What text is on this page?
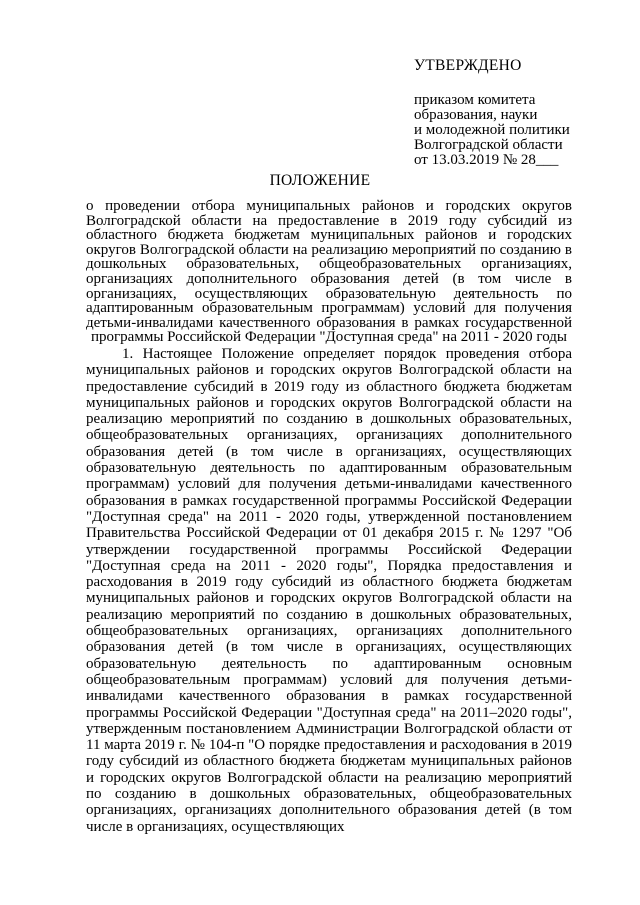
УТВЕРЖДЕНО
приказом комитета
образования, науки
и молодежной политики
Волгоградской области
от 13.03.2019 № 28___
ПОЛОЖЕНИЕ
о проведении отбора муниципальных районов и городских округов Волгоградской области на предоставление в 2019 году субсидий из областного бюджета бюджетам муниципальных районов и городских округов Волгоградской области на реализацию мероприятий по созданию в дошкольных образовательных, общеобразовательных организациях, организациях дополнительного образования детей (в том числе в организациях, осуществляющих образовательную деятельность по адаптированным образовательным программам) условий для получения детьми-инвалидами качественного образования в рамках государственной программы Российской Федерации "Доступная среда" на 2011 - 2020 годы

1. Настоящее Положение определяет порядок проведения отбора муниципальных районов и городских округов Волгоградской области на предоставление субсидий в 2019 году из областного бюджета бюджетам муниципальных районов и городских округов Волгоградской области на реализацию мероприятий по созданию в дошкольных образовательных, общеобразовательных организациях, организациях дополнительного образования детей (в том числе в организациях, осуществляющих образовательную деятельность по адаптированным образовательным программам) условий для получения детьми-инвалидами качественного образования в рамках государственной программы Российской Федерации "Доступная среда" на 2011 - 2020 годы, утвержденной постановлением Правительства Российской Федерации от 01 декабря 2015 г. № 1297 "Об утверждении государственной программы Российской Федерации "Доступная среда на 2011 - 2020 годы", Порядка предоставления и расходования в 2019 году субсидий из областного бюджета бюджетам муниципальных районов и городских округов Волгоградской области на реализацию мероприятий по созданию в дошкольных образовательных, общеобразовательных организациях, организациях дополнительного образования детей (в том числе в организациях, осуществляющих образовательную деятельность по адаптированным основным общеобразовательным программам) условий для получения детьми-инвалидами качественного образования в рамках государственной программы Российской Федерации "Доступная среда" на 2011–2020 годы", утвержденным постановлением Администрации Волгоградской области от 11 марта 2019 г. № 104-п "О порядке предоставления и расходования в 2019 году субсидий из областного бюджета бюджетам муниципальных районов и городских округов Волгоградской области на реализацию мероприятий по созданию в дошкольных образовательных, общеобразовательных организациях, организациях дополнительного образования детей (в том числе в организациях, осуществляющих
